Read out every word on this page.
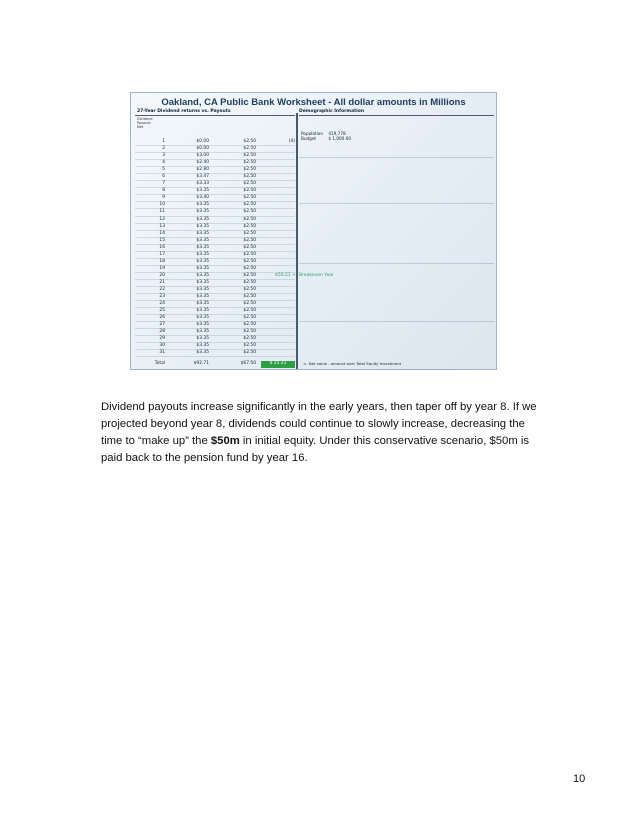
Oakland, CA Public Bank Worksheet - All dollar amounts in Millions
27-Year Dividend returns vs. Payouts	Demographic Information
Dividend
Payouts
Net
Population 419,778
Budget	$ 1,000.00
1	$0.00	$2.50	(4)
2	$0.00	$2.50
3	$3.00	$2.50
4	$2.40	$2.50
5	$2.80	$2.50
6	$3.47	$2.50
7	$3.33	$2.50
8	$3.35	$2.50
9	$3.40	$2.50
10	$3.35	$2.50
11	$3.35	$2.50
12	$3.35	$2.50
13	$3.35	$2.50
14	$3.35	$2.50
15	$3.35	$2.50
16	$3.35	$2.50
17	$3.35	$2.50
18	$3.35	$2.50
19	$3.35	$2.50
20	$3.35	$2.50
21	$3.35	$2.50
22	$3.35	$2.50
23	$3.35	$2.50
24	$3.35	$2.50
25	$3.35	$2.50
26	$3.35	$2.50
27	$3.35	$2.50
28	$3.35	$2.50
29	$3.35	$2.50
30	$3.35	$2.50
31	$3.35	$2.50
$50.21 <- Breakeven Year
Total	$92.71	$67.50	$ 25.21	<- Net value - amount over Total Equity Investment
Dividend payouts increase significantly in the early years, then taper off by year 8. If we projected beyond year 8, dividends could continue to slowly increase, decreasing the time to “make up” the $50m in initial equity. Under this conservative scenario, $50m is paid back to the pension fund by year 16.
10
